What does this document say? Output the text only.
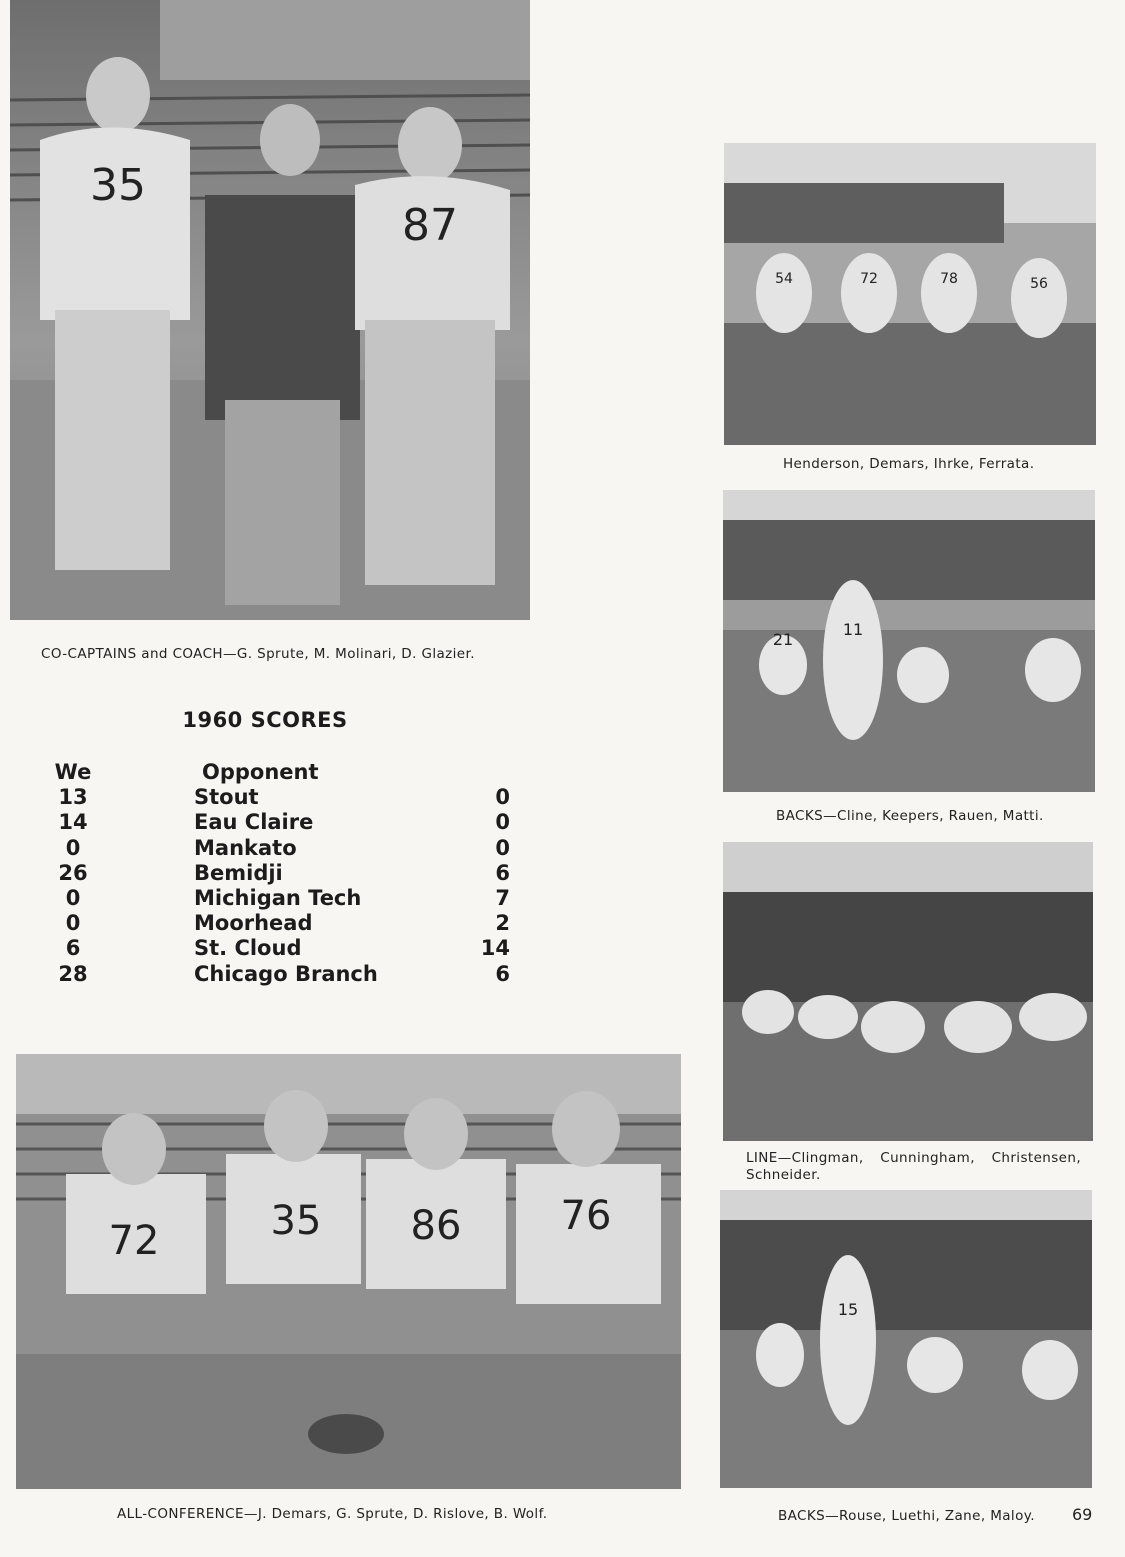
35
87
CO-CAPTAINS and COACH—G. Sprute, M. Molinari, D. Glazier.
54	72	78	56
Henderson, Demars, Ihrke, Ferrata.
21
11
BACKS—Cline, Keepers, Rauen, Matti.
LINE—Clingman, Cunningham, Christensen,
Schneider.
15
BACKS—Rouse, Luethi, Zane, Maloy.
72	35 86 76
ALL-CONFERENCE—J. Demars, G. Sprute, D. Rislove, B. Wolf.
1960 SCORES
We	Opponent
13	Stout	0
14	Eau Claire	0
0	Mankato	0
26	Bemidji	6
0	Michigan Tech	7
0	Moorhead	2
6	St. Cloud	14
28	Chicago Branch	6
69
